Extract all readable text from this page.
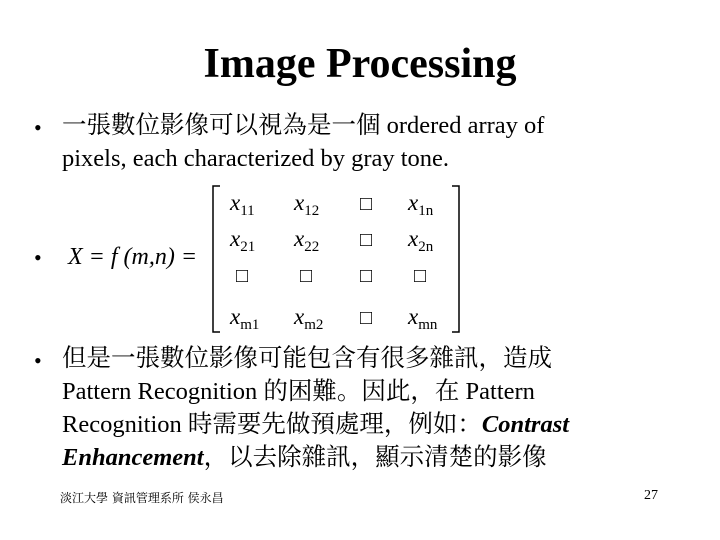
Image Processing
• 一張數位影像可以視為是一個 ordered array of
pixels, each characterized by gray tone.
• X = f (m,n) =
x11 x12 □ x1n
x21 x22 □ x2n
□	□ □ □
xm1 xm2 □ xmn
• 但是一張數位影像可能包含有很多雜訊，造成
Pattern Recognition 的困難。因此，在 Pattern
Recognition 時需要先做預處理，例如：Contrast
Enhancement，以去除雜訊，顯示清楚的影像
淡江大學 資訊管理系所 侯永昌	27
